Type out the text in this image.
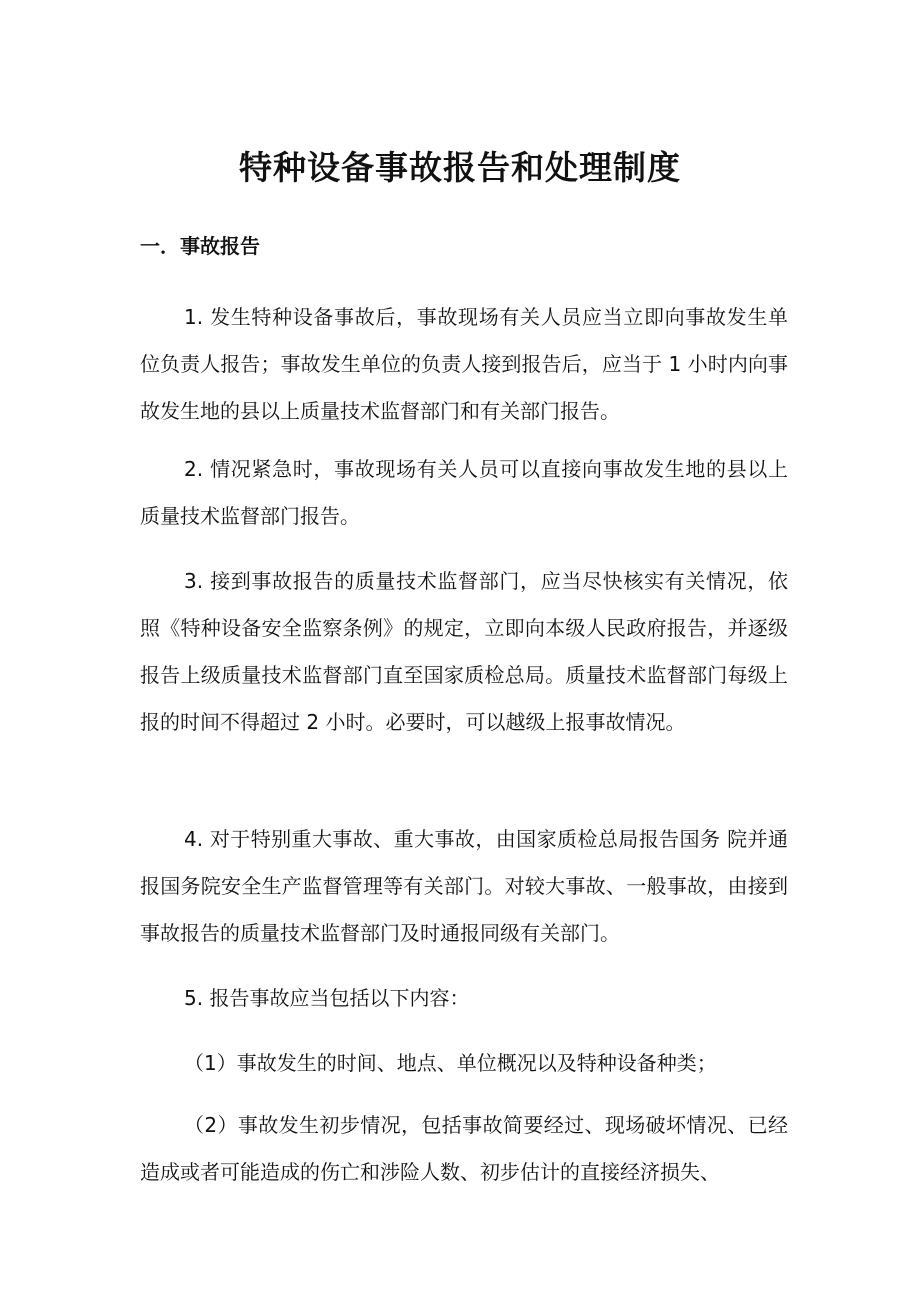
特种设备事故报告和处理制度
一．事故报告

1. 发生特种设备事故后，事故现场有关人员应当立即向事故发生单位负责人报告；事故发生单位的负责人接到报告后，应当于 1 小时内向事故发生地的县以上质量技术监督部门和有关部门报告。

2. 情况紧急时，事故现场有关人员可以直接向事故发生地的县以上质量技术监督部门报告。

3. 接到事故报告的质量技术监督部门，应当尽快核实有关情况，依照《特种设备安全监察条例》的规定，立即向本级人民政府报告，并逐级报告上级质量技术监督部门直至国家质检总局。质量技术监督部门每级上报的时间不得超过 2 小时。必要时，可以越级上报事故情况。

4. 对于特别重大事故、重大事故，由国家质检总局报告国务 院并通报国务院安全生产监督管理等有关部门。对较大事故、一般事故，由接到事故报告的质量技术监督部门及时通报同级有关部门。

5. 报告事故应当包括以下内容：

（1）事故发生的时间、地点、单位概况以及特种设备种类；

（2）事故发生初步情况，包括事故简要经过、现场破坏情况、已经造成或者可能造成的伤亡和涉险人数、初步估计的直接经济损失、
